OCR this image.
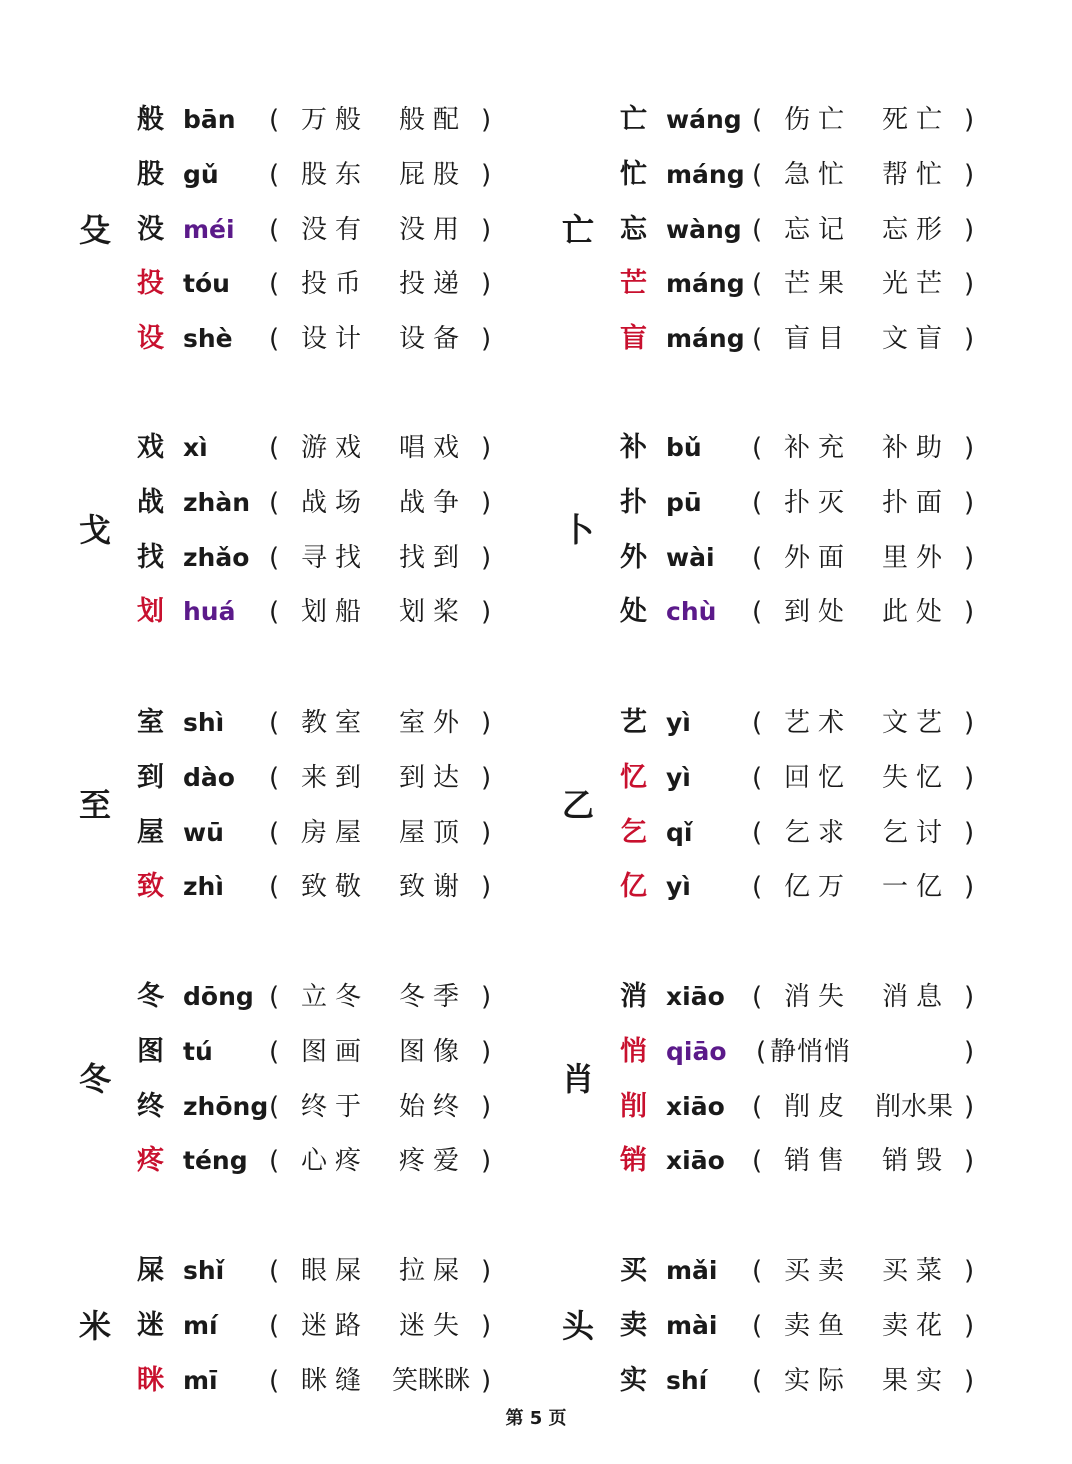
殳
般 bān ( 万般 般配 )
股 gǔ ( 股东 屁股 )
没 méi ( 没有 没用 )
投 tóu ( 投币 投递 )
设 shè ( 设计 设备 )
戈
戏 xì ( 游戏 唱戏 )
战 zhàn ( 战场 战争 )
找 zhǎo ( 寻找 找到 )
划 huá ( 划船 划桨 )
至
室 shì ( 教室 室外 )
到 dào ( 来到 到达 )
屋 wū ( 房屋 屋顶 )
致 zhì ( 致敬 致谢 )
冬
冬 dōng ( 立冬 冬季 )
图 tú ( 图画 图像 )
终 zhōng ( 终于 始终 )
疼 téng ( 心疼 疼爱 )
米
屎 shǐ ( 眼屎 拉屎 )
迷 mí ( 迷路 迷失 )
眯 mī ( 眯缝 笑眯眯 )
亡
亡 wáng ( 伤亡 死亡 )
忙 máng ( 急忙 帮忙 )
忘 wàng ( 忘记 忘形 )
芒 máng ( 芒果 光芒 )
盲 máng ( 盲目 文盲 )
卜
补 bǔ ( 补充 补助 )
扑 pū ( 扑灭 扑面 )
外 wài ( 外面 里外 )
处 chù ( 到处 此处 )
乙
艺 yì ( 艺术 文艺 )
忆 yì ( 回忆 失忆 )
乞 qǐ ( 乞求 乞讨 )
亿 yì ( 亿万 一亿 )
肖
消 xiāo ( 消失 消息 )
悄 qiāo ( 静悄悄	)
削 xiāo ( 削皮 削水果 )
销 xiāo ( 销售 销毁 )
头
买 mǎi ( 买卖 买菜 )
卖 mài ( 卖鱼 卖花 )
实 shí ( 实际 果实 )
第 5 页
